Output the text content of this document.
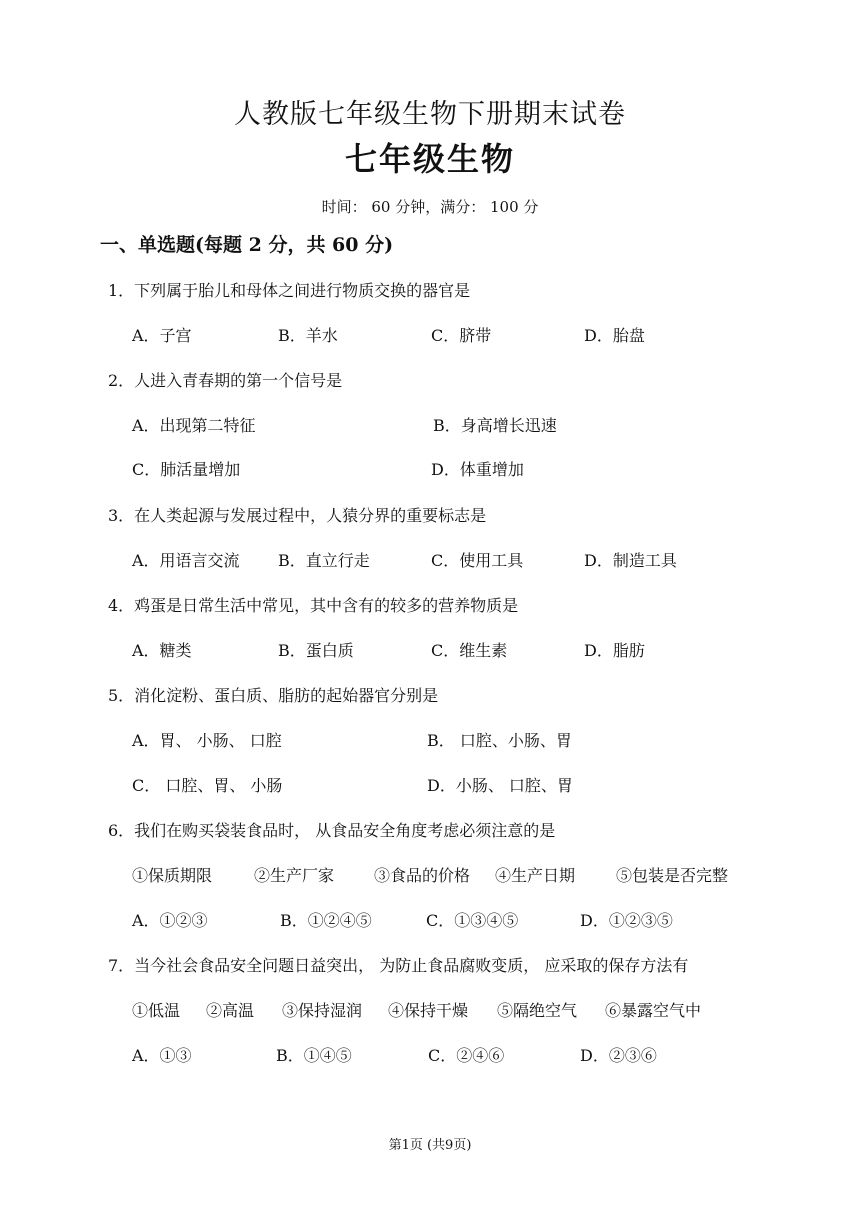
人教版七年级生物下册期末试卷
七年级生物
时间： 60 分钟，满分： 100 分
一、单选题(每题 2 分，共 60 分)
1．下列属于胎儿和母体之间进行物质交换的器官是
A．子宫	B．羊水	C．脐带	D．胎盘
2．人进入青春期的第一个信号是
A．出现第二特征	B．身高增长迅速
C．肺活量增加	D．体重增加
3．在人类起源与发展过程中，人猿分界的重要标志是
A．用语言交流 B．直立行走	C．使用工具	D．制造工具
4．鸡蛋是日常生活中常见，其中含有的较多的营养物质是
A．糖类	B．蛋白质	C．维生素	D．脂肪
5．消化淀粉、蛋白质、脂肪的起始器官分别是
A．胃、 小肠、 口腔	B． 口腔、小肠、胃
C． 口腔、胃、 小肠	D．小肠、 口腔、胃
6．我们在购买袋装食品时， 从食品安全角度考虑必须注意的是
①保质期限	②生产厂家 ③食品的价格 ④生产日期	⑤包装是否完整
A．①②③	B．①②④⑤	C．①③④⑤	D．①②③⑤
7．当今社会食品安全问题日益突出， 为防止食品腐败变质， 应采取的保存方法有
①低温 ②高温 ③保持湿润 ④保持干燥 ⑤隔绝空气 ⑥暴露空气中
A．①③	B．①④⑤	C．②④⑥	D．②③⑥
第1页 (共9页)
